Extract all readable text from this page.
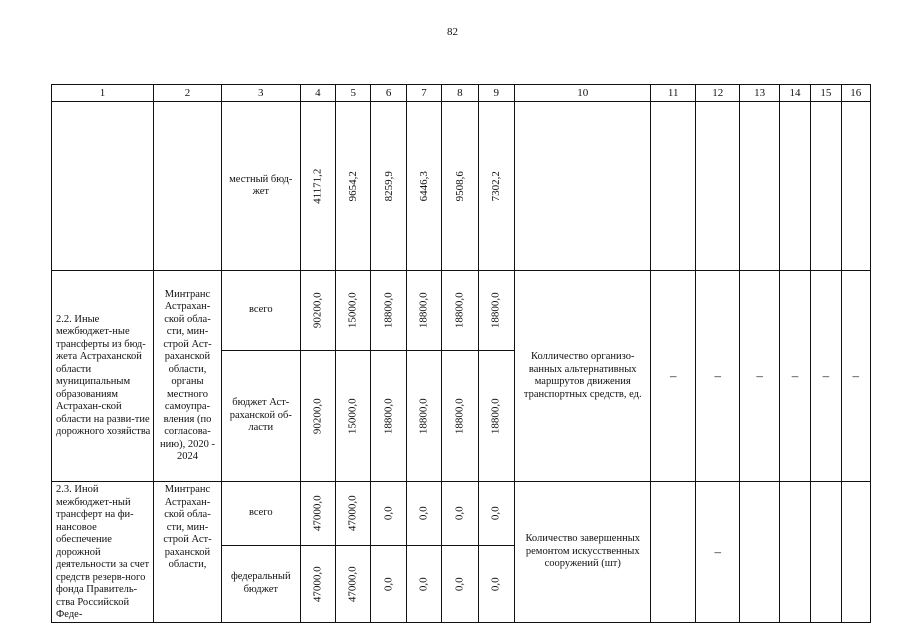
82
1	2	3	4	5	6	7	8	9	10	11	12	13	14	15	16
		местный бюд-жет	41171,2	9654,2	8259,9	6446,3	9508,6	7302,2							

2.2. Иные межбюджет-ные трансферты из бюд-жета Астраханской области муниципальным образованиям Астрахан-ской области на разви-тие дорожного хозяйства	Минтранс Астрахан-ской обла-сти, мин-строй Аст-раханской области, органы местного самоупра-вления (по согласова-нию), 2020 - 2024	всего	90200,0	15000,0	18800,0	18800,0	18800,0	18800,0	Колличество организо-ванных альтернативных маршрутов движения транспортных средств, ед.	–	–	–	–	–	–
		бюджет Аст-раханской об-ласти	90200,0	15000,0	18800,0	18800,0	18800,0	18800,0							

2.3. Иной межбюджет-ный трансферт на фи-нансовое обеспечение дорожной деятельности за счет средств резерв-ного фонда Правитель-ства Российской Феде-	Минтранс Астрахан-ской обла-сти, мин-строй Аст-раханской области,	всего	47000,0	47000,0	0,0	0,0	0,0	0,0	Количество завершенных ремонтом искусственных сооружений (шт)		–				
		федеральный бюджет	47000,0	47000,0	0,0	0,0	0,0	0,0							
